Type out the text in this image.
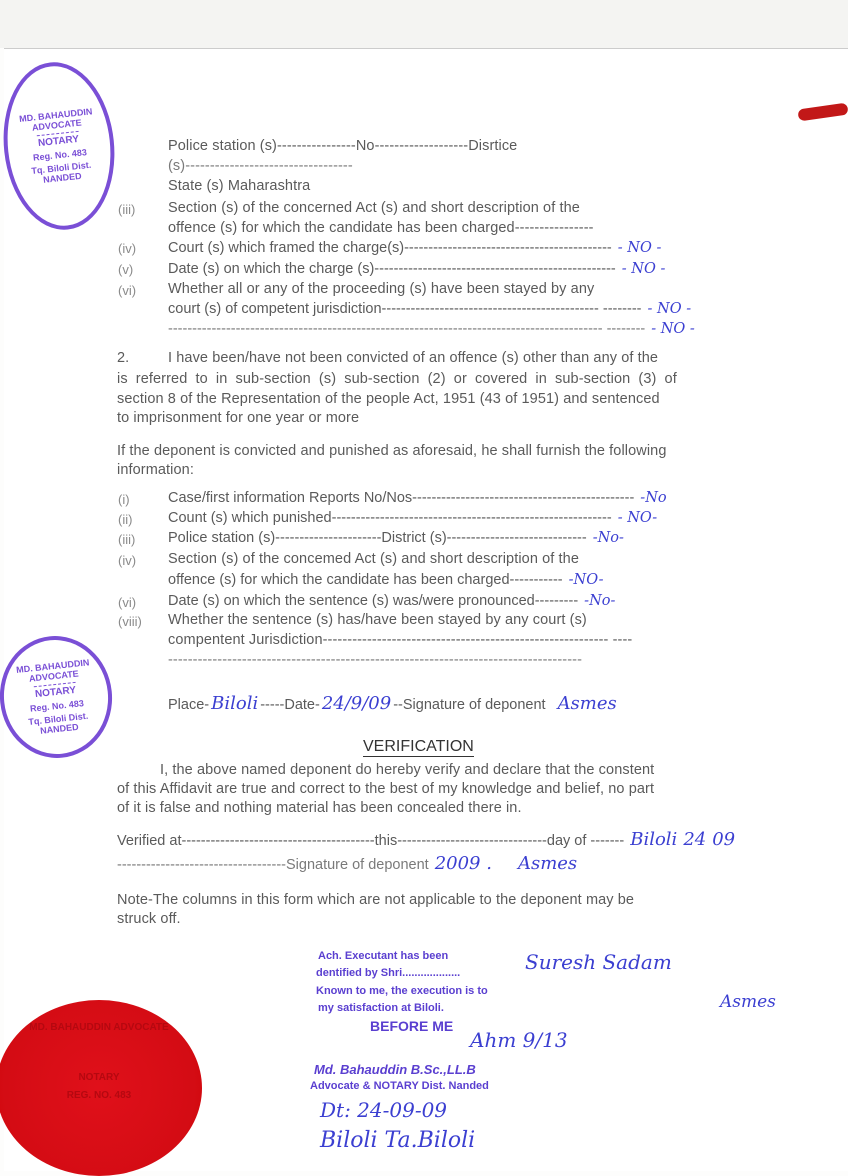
Police station (s)----------------No-------------------Disrtice
(s)----------------------------------
State (s) Maharashtra
(iii) Section (s) of the concerned Act (s) and short description of the
offence (s) for which the candidate has been charged----------------
(iv) Court (s) which framed the charge(s)------------------------------------------- - NO -
(v) Date (s) on which the charge (s)-------------------------------------------------- - NO -
(vi) Whether all or any of the proceeding (s) have been stayed by any
court (s) of competent jurisdiction--------------------------------------------- -------- - NO -
------------------------------------------------------------------------------------------ -------- - NO -
2.	I have been/have not been convicted of an offence (s) other than any of the
is referred to in sub-section (s) sub-section (2) or covered in sub-section (3) of
section 8 of the Representation of the people Act, 1951 (43 of 1951) and sentenced
to imprisonment for one year or more
If the deponent is convicted and punished as aforesaid, he shall furnish the following
information:
(i)	Case/first information Reports No/Nos---------------------------------------------- -No
(ii) Count (s) which punished---------------------------------------------------------- - NO-
(iii) Police station (s)----------------------District (s)----------------------------- -No-
(iv) Section (s) of the concemed Act (s) and short description of the
offence (s) for which the candidate has been charged----------- -NO-
(vi) Date (s) on which the sentence (s) was/were pronounced--------- -No-
(viii) Whether the sentence (s) has/have been stayed by any court (s)
compentent Jurisdiction---------------------------------------------------------- ----
------------------------------------------------------------------------------------
Place- Biloli -----Date- 24/9/09 --Signature of deponent Asmes
VERIFICATION
I, the above named deponent do hereby verify and declare that the constent
of this Affidavit are true and correct to the best of my knowledge and belief, no part
of it is false and nothing material has been concealed there in.
Verified at----------------------------------------this-------------------------------day of ------- Biloli 24 09
-----------------------------------Signature of deponent 2009 . Asmes
Note-The columns in this form which are not applicable to the deponent may be
struck off.
Ach. Executant has been
dentified by Shri...................
Known to me, the execution is to
my satisfaction at Biloli.
BEFORE ME
Md. Bahauddin B.Sc.,LL.B
Advocate & NOTARY Dist. Nanded
Suresh Sadam
Asmes
Ahm 9/13
Dt: 24-09-09
Biloli Ta.Biloli
MD. BAHAUDDIN ADVOCATE
NOTARY
Reg. No. 483
Tq. Biloli Dist. NANDED
MD. BAHAUDDIN ADVOCATE
NOTARY
Reg. No. 483
Tq. Biloli Dist. NANDED
MD. BAHAUDDIN ADVOCATE
NOTARY
REG. NO. 483
